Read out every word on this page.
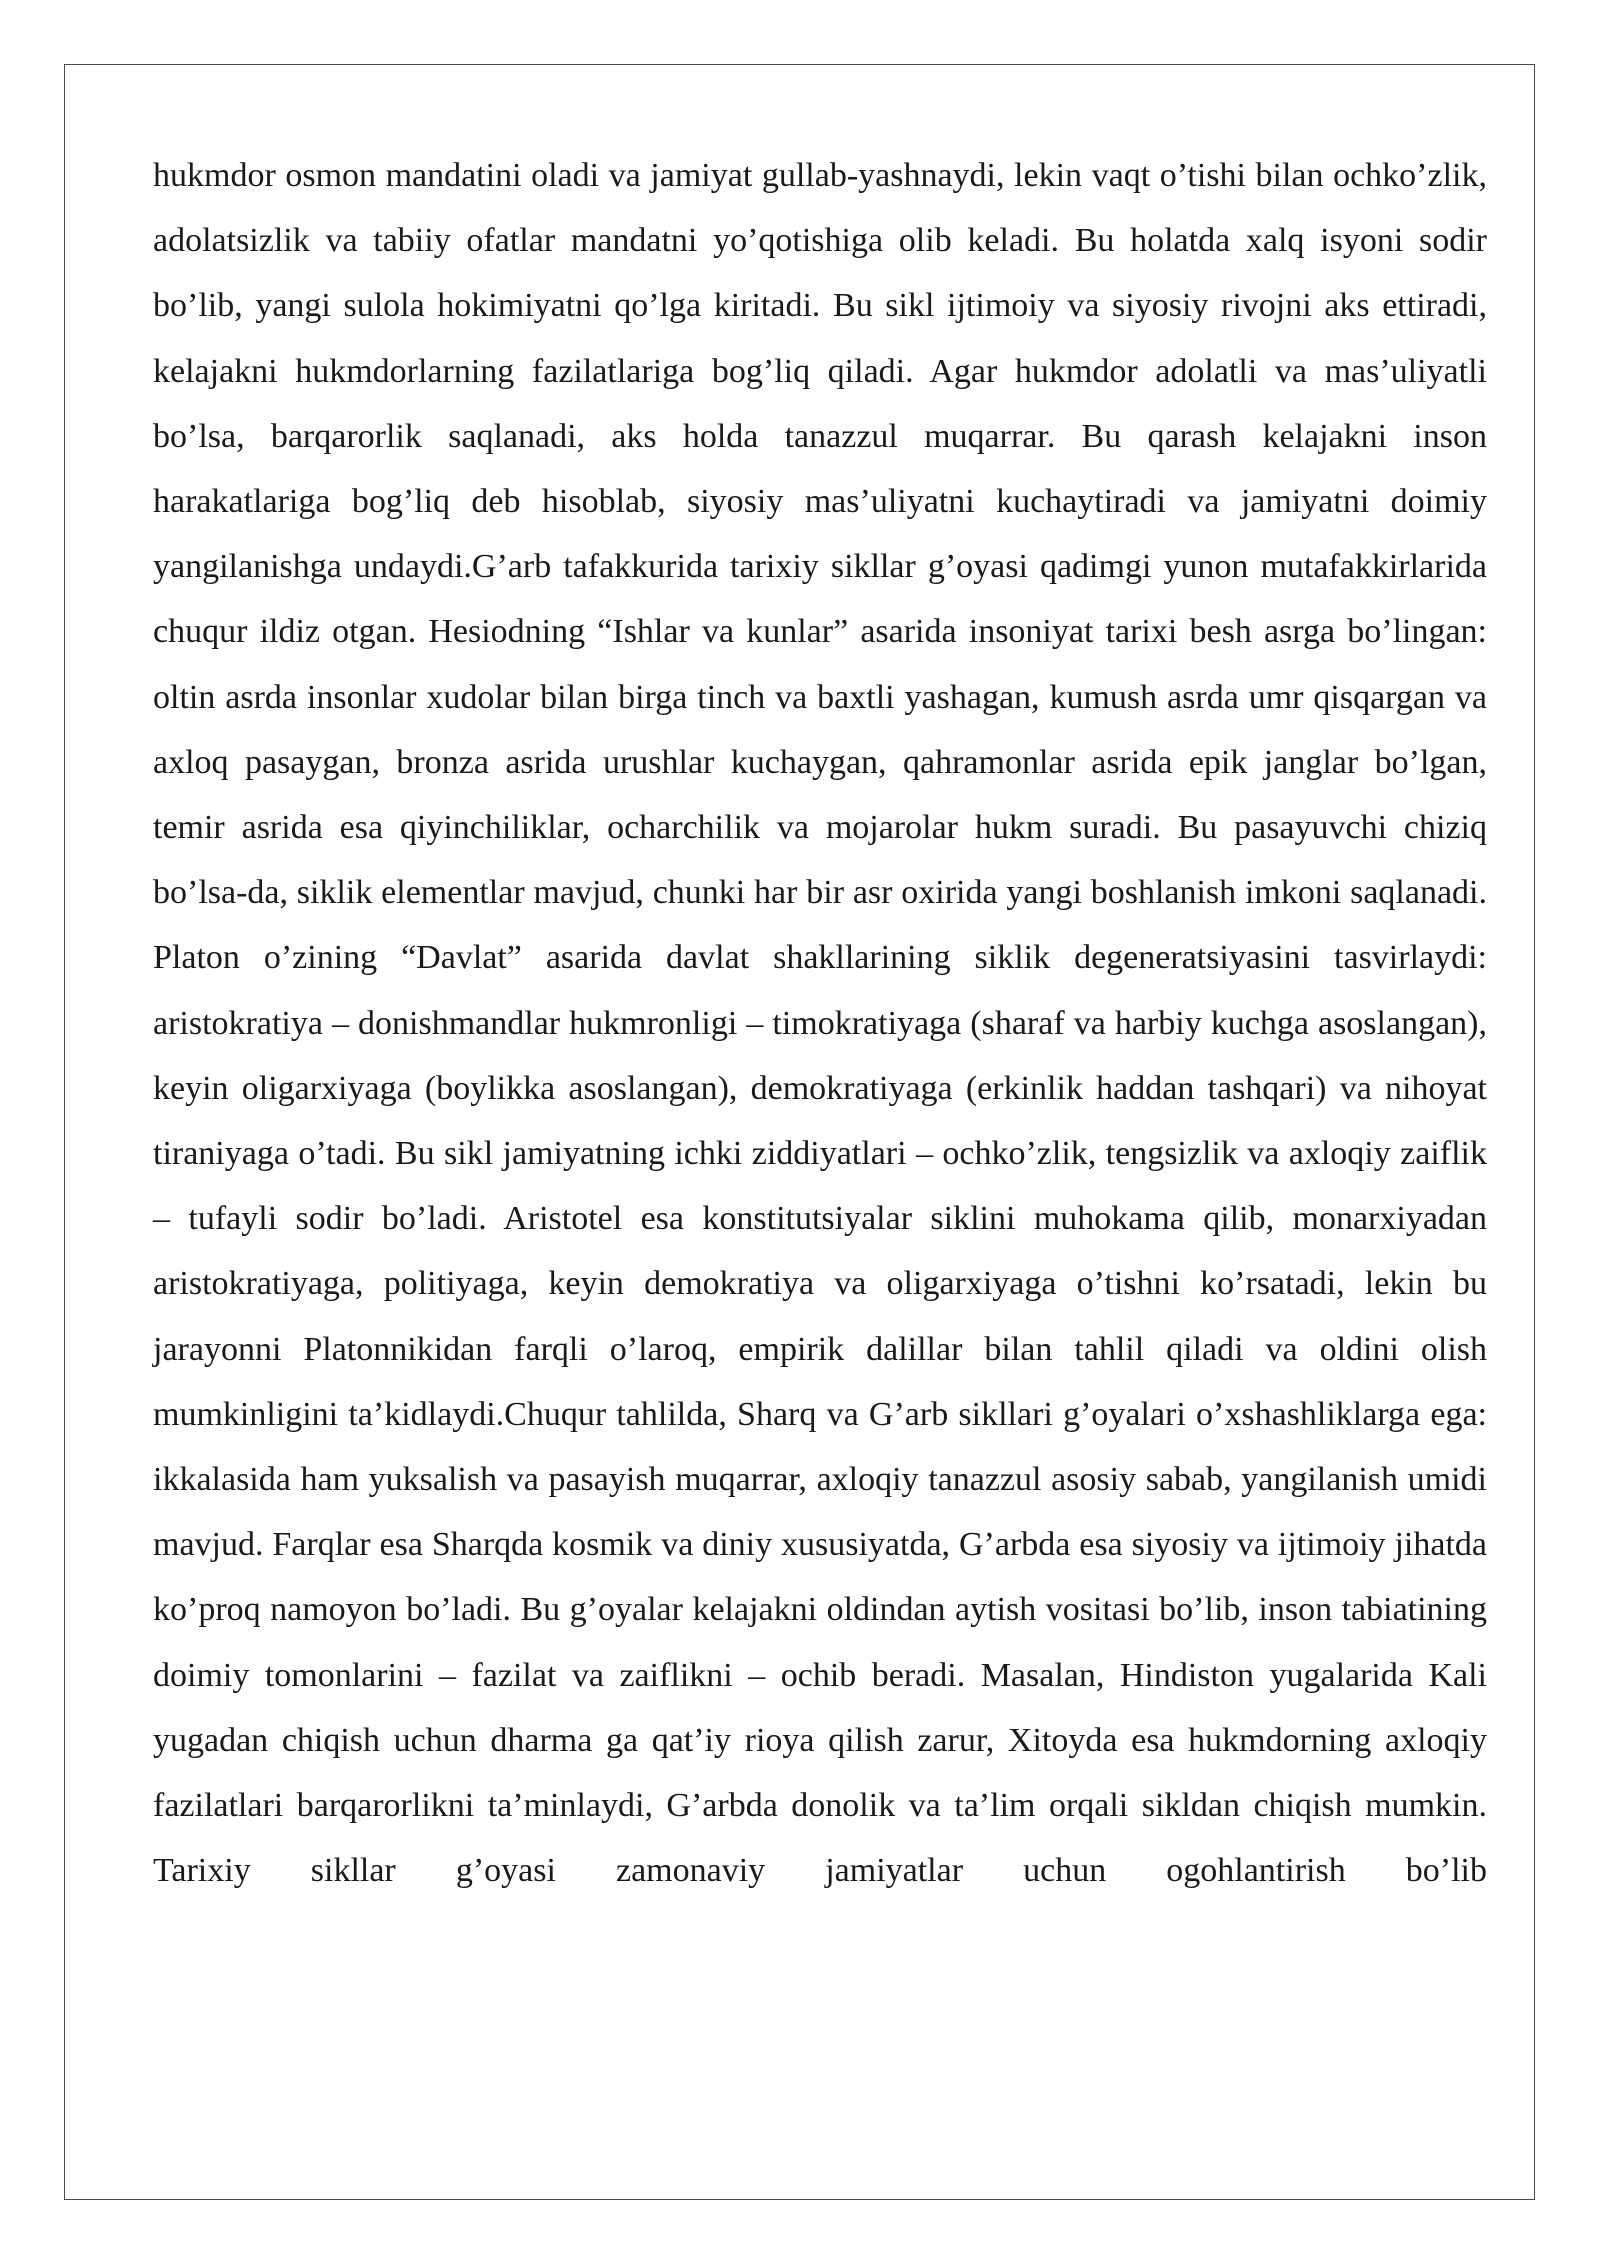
hukmdor osmon mandatini oladi va jamiyat gullab-yashnaydi, lekin vaqt o’tishi bilan ochko’zlik, adolatsizlik va tabiiy ofatlar mandatni yo’qotishiga olib keladi. Bu holatda xalq isyoni sodir bo’lib, yangi sulola hokimiyatni qo’lga kiritadi. Bu sikl ijtimoiy va siyosiy rivojni aks ettiradi, kelajakni hukmdorlarning fazilatlariga bog’liq qiladi. Agar hukmdor adolatli va mas’uliyatli bo’lsa, barqarorlik saqlanadi, aks holda tanazzul muqarrar. Bu qarash kelajakni inson harakatlariga bog’liq deb hisoblab, siyosiy mas’uliyatni kuchaytiradi va jamiyatni doimiy yangilanishga undaydi.G’arb tafakkurida tarixiy sikllar g’oyasi qadimgi yunon mutafakkirlarida chuqur ildiz otgan. Hesiodning “Ishlar va kunlar” asarida insoniyat tarixi besh asrga bo’lingan: oltin asrda insonlar xudolar bilan birga tinch va baxtli yashagan, kumush asrda umr qisqargan va axloq pasaygan, bronza asrida urushlar kuchaygan, qahramonlar asrida epik janglar bo’lgan, temir asrida esa qiyinchiliklar, ocharchilik va mojarolar hukm suradi. Bu pasayuvchi chiziq bo’lsa-da, siklik elementlar mavjud, chunki har bir asr oxirida yangi boshlanish imkoni saqlanadi. Platon o’zining “Davlat” asarida davlat shakllarining siklik degeneratsiyasini tasvirlaydi: aristokratiya – donishmandlar hukmronligi – timokratiyaga (sharaf va harbiy kuchga asoslangan), keyin oligarxiyaga (boylikka asoslangan), demokratiyaga (erkinlik haddan tashqari) va nihoyat tiraniyaga o’tadi. Bu sikl jamiyatning ichki ziddiyatlari – ochko’zlik, tengsizlik va axloqiy zaiflik – tufayli sodir bo’ladi. Aristotel esa konstitutsiyalar siklini muhokama qilib, monarxiyadan aristokratiyaga, politiyaga, keyin demokratiya va oligarxiyaga o’tishni ko’rsatadi, lekin bu jarayonni Platonnikidan farqli o’laroq, empirik dalillar bilan tahlil qiladi va oldini olish mumkinligini ta’kidlaydi.Chuqur tahlilda, Sharq va G’arb sikllari g’oyalari o’xshashliklarga ega: ikkalasida ham yuksalish va pasayish muqarrar, axloqiy tanazzul asosiy sabab, yangilanish umidi mavjud. Farqlar esa Sharqda kosmik va diniy xususiyatda, G’arbda esa siyosiy va ijtimoiy jihatda ko’proq namoyon bo’ladi. Bu g’oyalar kelajakni oldindan aytish vositasi bo’lib, inson tabiatining doimiy tomonlarini – fazilat va zaiflikni – ochib beradi. Masalan, Hindiston yugalarida Kali yugadan chiqish uchun dharma ga qat’iy rioya qilish zarur, Xitoyda esa hukmdorning axloqiy fazilatlari barqarorlikni ta’minlaydi, G’arbda donolik va ta’lim orqali sikldan chiqish mumkin. Tarixiy sikllar g’oyasi zamonaviy jamiyatlar uchun ogohlantirish bo’lib
